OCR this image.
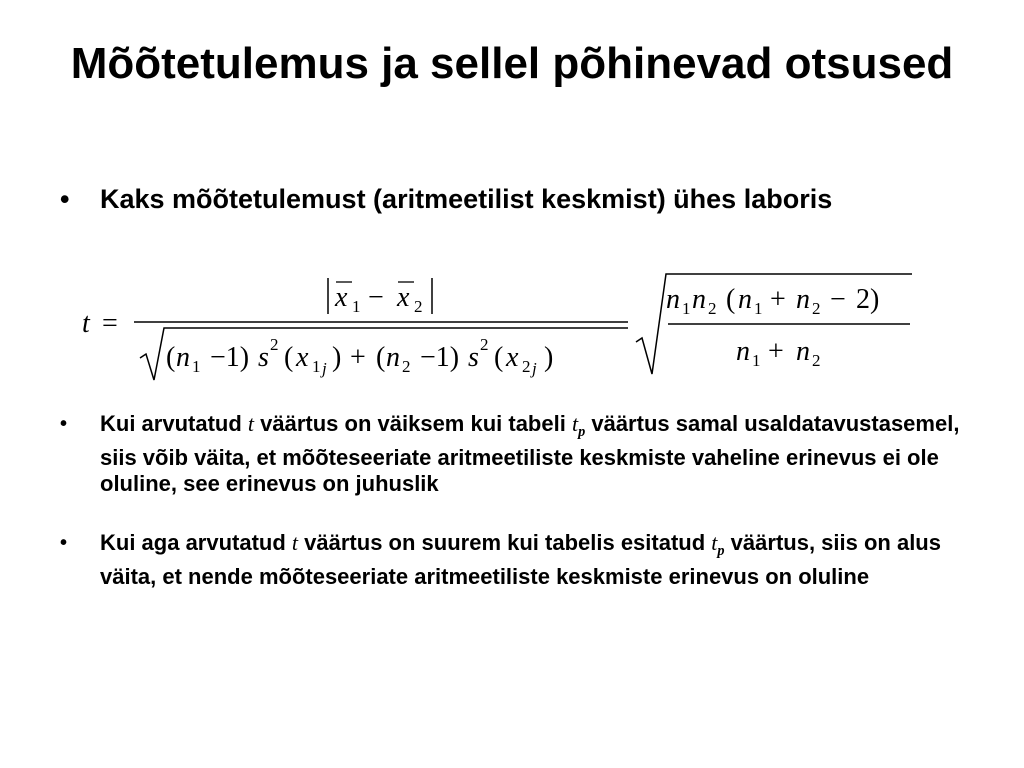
Mõõtetulemus ja sellel põhinevad otsused
• Kaks mõõtetulemust (aritmeetilist keskmist) ühes laboris
t =
x 1 − x 2
( n 1 −1) s 2 ( x 1 j ) + ( n 2 −1) s 2 ( x 2 j )
n 1 n 2 ( n 1 + n 2 − 2)
n 1 + n 2
• Kui arvutatud t väärtus on väiksem kui tabeli $t_p$ väärtus samal usaldatavustasemel, siis võib väita, et mõõteseeriate aritmeetiliste keskmiste vaheline erinevus ei ole oluline, see erinevus on juhuslik
• Kui aga arvutatud t väärtus on suurem kui tabelis esitatud $t_p$ väärtus, siis on alus väita, et nende mõõteseeriate aritmeetiliste keskmiste erinevus on oluline
